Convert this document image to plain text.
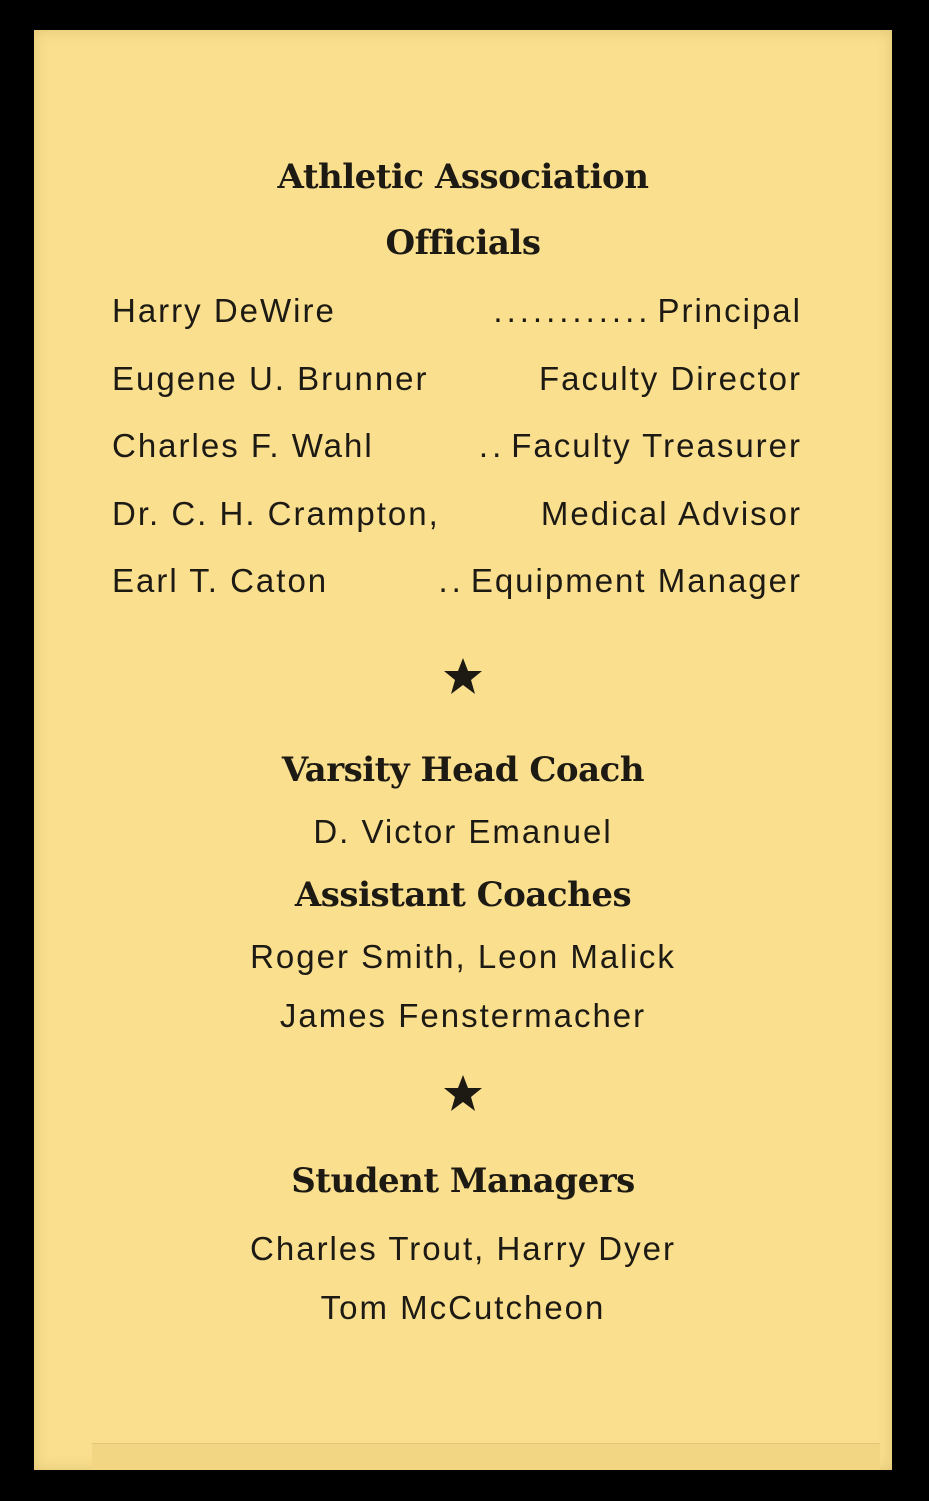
Athletic Association
Officials
Harry DeWire	............ Principal
Eugene U. Brunner	Faculty Director
Charles F. Wahl	.. Faculty Treasurer
Dr. C. H. Crampton,	Medical Advisor
Earl T. Caton	.. Equipment Manager
Varsity Head Coach
D. Victor Emanuel
Assistant Coaches
Roger Smith, Leon Malick
James Fenstermacher
Student Managers
Charles Trout, Harry Dyer
Tom McCutcheon
